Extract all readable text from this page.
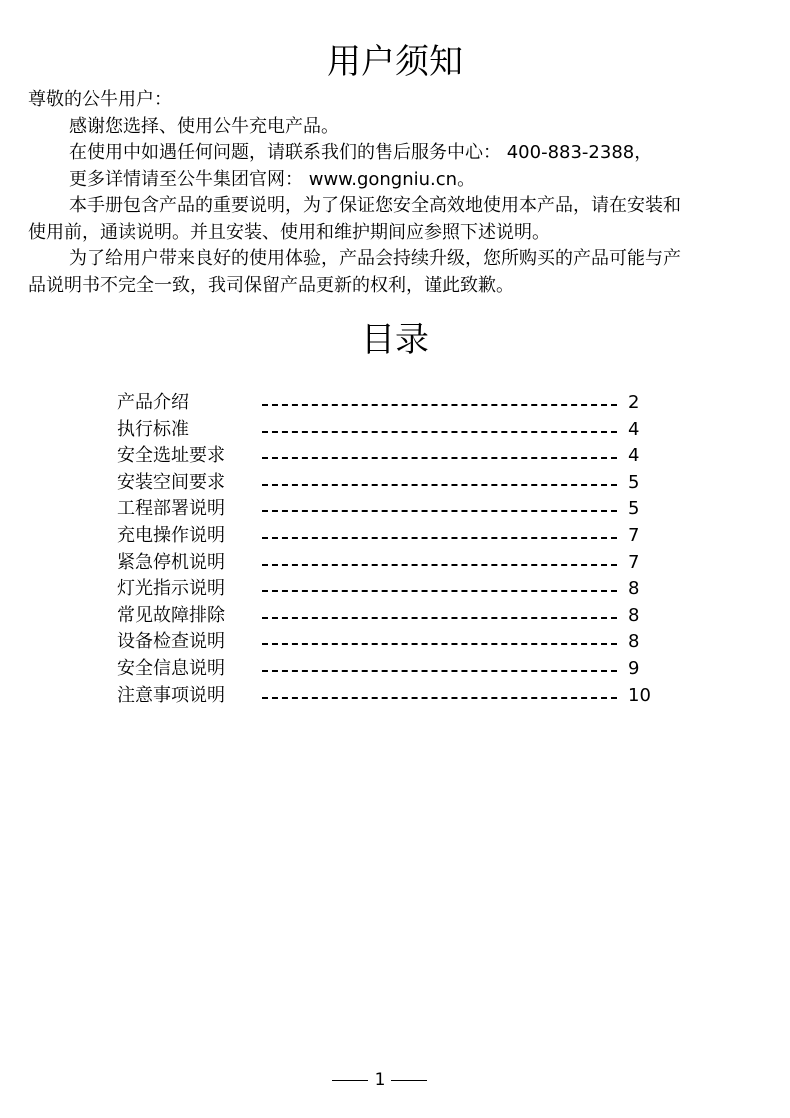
用户须知

尊敬的公牛用户：

感谢您选择、使用公牛充电产品。

在使用中如遇任何问题，请联系我们的售后服务中心： 400-883-2388，

更多详情请至公牛集团官网： www.gongniu.cn。

本手册包含产品的重要说明，为了保证您安全高效地使用本产品，请在安装和

使用前，通读说明。并且安装、使用和维护期间应参照下述说明。

为了给用户带来良好的使用体验，产品会持续升级，您所购买的产品可能与产

品说明书不完全一致，我司保留产品更新的权利，谨此致歉。

目录
产品介绍	2
执行标准	4
安全选址要求	4
安装空间要求	5
工程部署说明	5
充电操作说明	7
紧急停机说明	7
灯光指示说明	8
常见故障排除	8
设备检查说明	8
安全信息说明	9
注意事项说明	10
1
